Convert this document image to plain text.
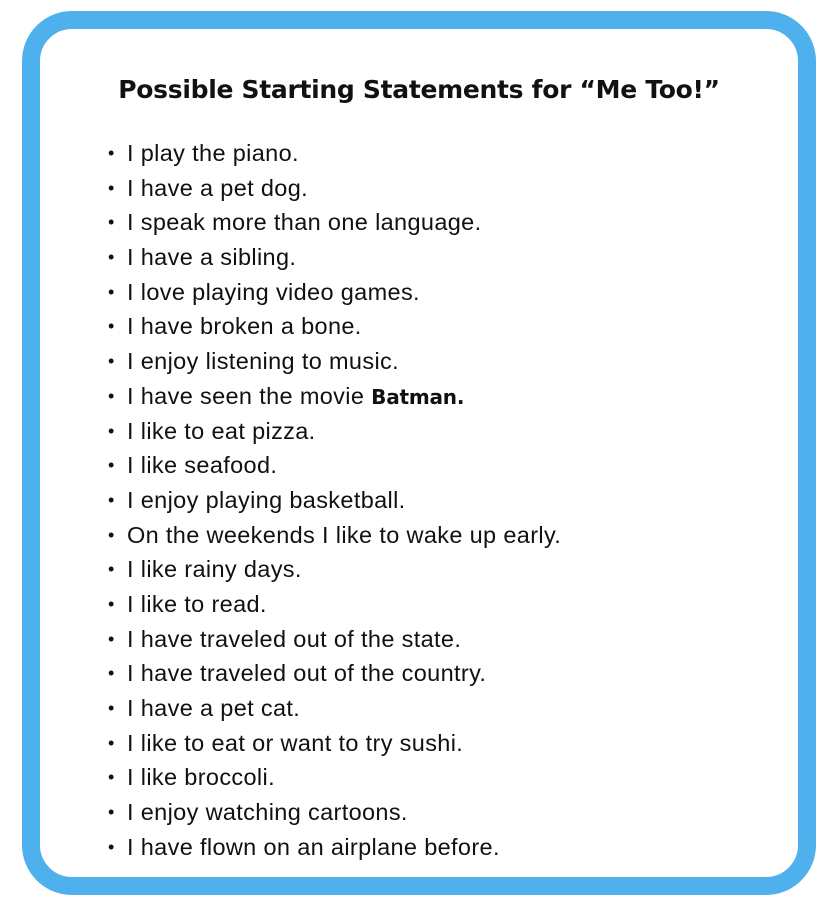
Possible Starting Statements for “Me Too!”
• I play the piano.
• I have a pet dog.
• I speak more than one language.
• I have a sibling.
• I love playing video games.
• I have broken a bone.
• I enjoy listening to music.
• I have seen the movie Batman.
• I like to eat pizza.
• I like seafood.
• I enjoy playing basketball.
• On the weekends I like to wake up early.
• I like rainy days.
• I like to read.
• I have traveled out of the state.
• I have traveled out of the country.
• I have a pet cat.
• I like to eat or want to try sushi.
• I like broccoli.
• I enjoy watching cartoons.
• I have flown on an airplane before.
